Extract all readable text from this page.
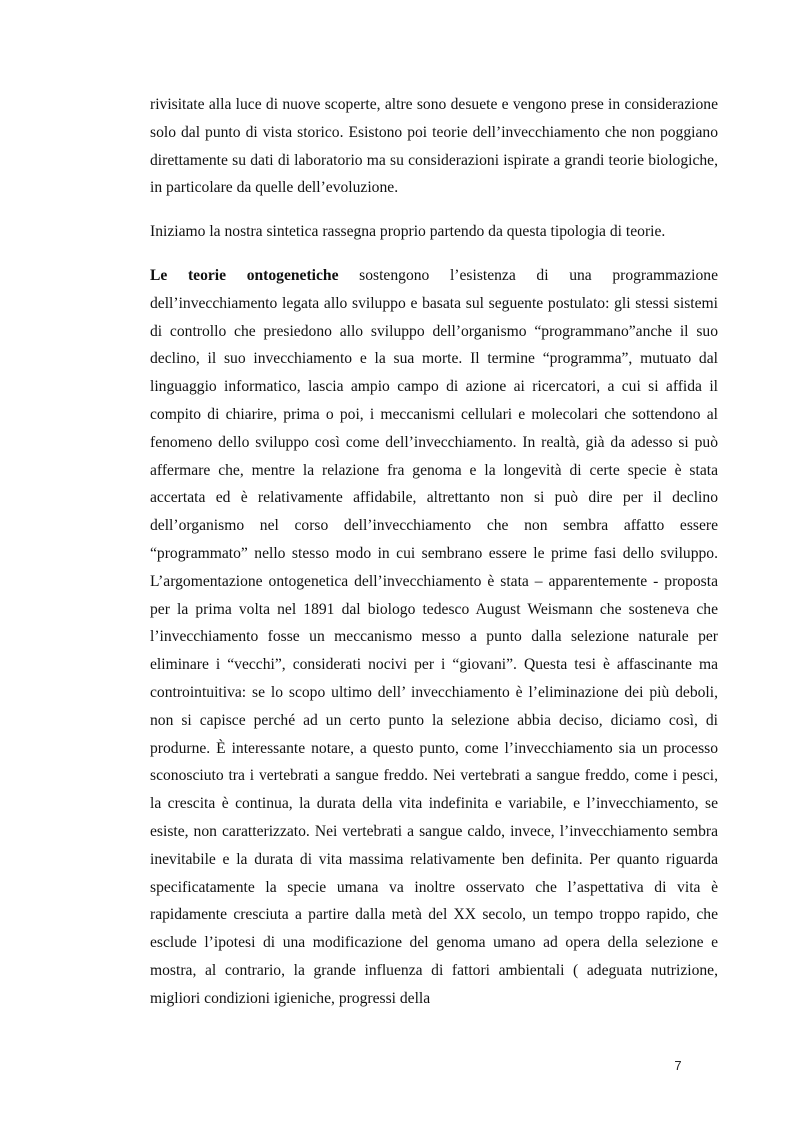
rivisitate alla luce di nuove scoperte, altre sono desuete e vengono prese in considerazione solo dal punto di vista storico. Esistono poi teorie dell’invecchiamento che non poggiano direttamente su dati di laboratorio ma su considerazioni ispirate a grandi teorie biologiche, in particolare da quelle dell’evoluzione.

Iniziamo la nostra sintetica rassegna proprio partendo da questa tipologia di teorie.

Le teorie ontogenetiche sostengono l’esistenza di una programmazione dell’invecchiamento legata allo sviluppo e basata sul seguente postulato: gli stessi sistemi di controllo che presiedono allo sviluppo dell’organismo “programmano”anche il suo declino, il suo invecchiamento e la sua morte. Il termine “programma”, mutuato dal linguaggio informatico, lascia ampio campo di azione ai ricercatori, a cui si affida il compito di chiarire, prima o poi, i meccanismi cellulari e molecolari che sottendono al fenomeno dello sviluppo così come dell’invecchiamento. In realtà, già da adesso si può affermare che, mentre la relazione fra genoma e la longevità di certe specie è stata accertata ed è relativamente affidabile, altrettanto non si può dire per il declino dell’organismo nel corso dell’invecchiamento che non sembra affatto essere “programmato” nello stesso modo in cui sembrano essere le prime fasi dello sviluppo. L’argomentazione ontogenetica dell’invecchiamento è stata – apparentemente - proposta per la prima volta nel 1891 dal biologo tedesco August Weismann che sosteneva che l’invecchiamento fosse un meccanismo messo a punto dalla selezione naturale per eliminare i “vecchi”, considerati nocivi per i “giovani”. Questa tesi è affascinante ma controintuitiva: se lo scopo ultimo dell’ invecchiamento è l’eliminazione dei più deboli, non si capisce perché ad un certo punto la selezione abbia deciso, diciamo così, di produrne. È interessante notare, a questo punto, come l’invecchiamento sia un processo sconosciuto tra i vertebrati a sangue freddo. Nei vertebrati a sangue freddo, come i pesci, la crescita è continua, la durata della vita indefinita e variabile, e l’invecchiamento, se esiste, non caratterizzato. Nei vertebrati a sangue caldo, invece, l’invecchiamento sembra inevitabile e la durata di vita massima relativamente ben definita. Per quanto riguarda specificatamente la specie umana va inoltre osservato che l’aspettativa di vita è rapidamente cresciuta a partire dalla metà del XX secolo, un tempo troppo rapido, che esclude l’ipotesi di una modificazione del genoma umano ad opera della selezione e mostra, al contrario, la grande influenza di fattori ambientali ( adeguata nutrizione, migliori condizioni igieniche, progressi della

7
